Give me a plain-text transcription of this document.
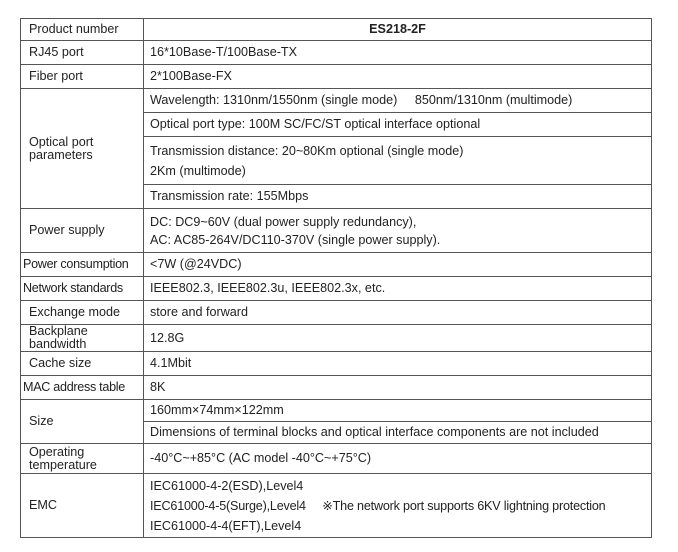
Product number	ES218-2F
RJ45 port	16*10Base-T/100Base-TX
Fiber port	2*100Base-FX
Optical port parameters	Wavelength: 1310nm/1550nm (single mode)     850nm/1310nm (multimode)
	Optical port type: 100M SC/FC/ST optical interface optional

	Transmission distance: 20~80Km optional (single mode)
2Km (multimode)

	Transmission rate: 155Mbps
Power supply	DC: DC9~60V (dual power supply redundancy),
AC: AC85-264V/DC110-370V (single power supply).

Power consumption	<7W (@24VDC)
Network standards	IEEE802.3, IEEE802.3u, IEEE802.3x, etc.
Exchange mode	store and forward
Backplane bandwidth	12.8G
Cache size	4.1Mbit
MAC address table	8K
Size	160mm×74mm×122mm
	Dimensions of terminal blocks and optical interface components are not included
Operating temperature	-40°C~+85°C (AC model -40°C~+75°C)
EMC	IEC61000-4-2(ESD),Level4
IEC61000-4-5(Surge),Level4     ※The network port supports 6KV lightning protection
IEC61000-4-4(EFT),Level4
